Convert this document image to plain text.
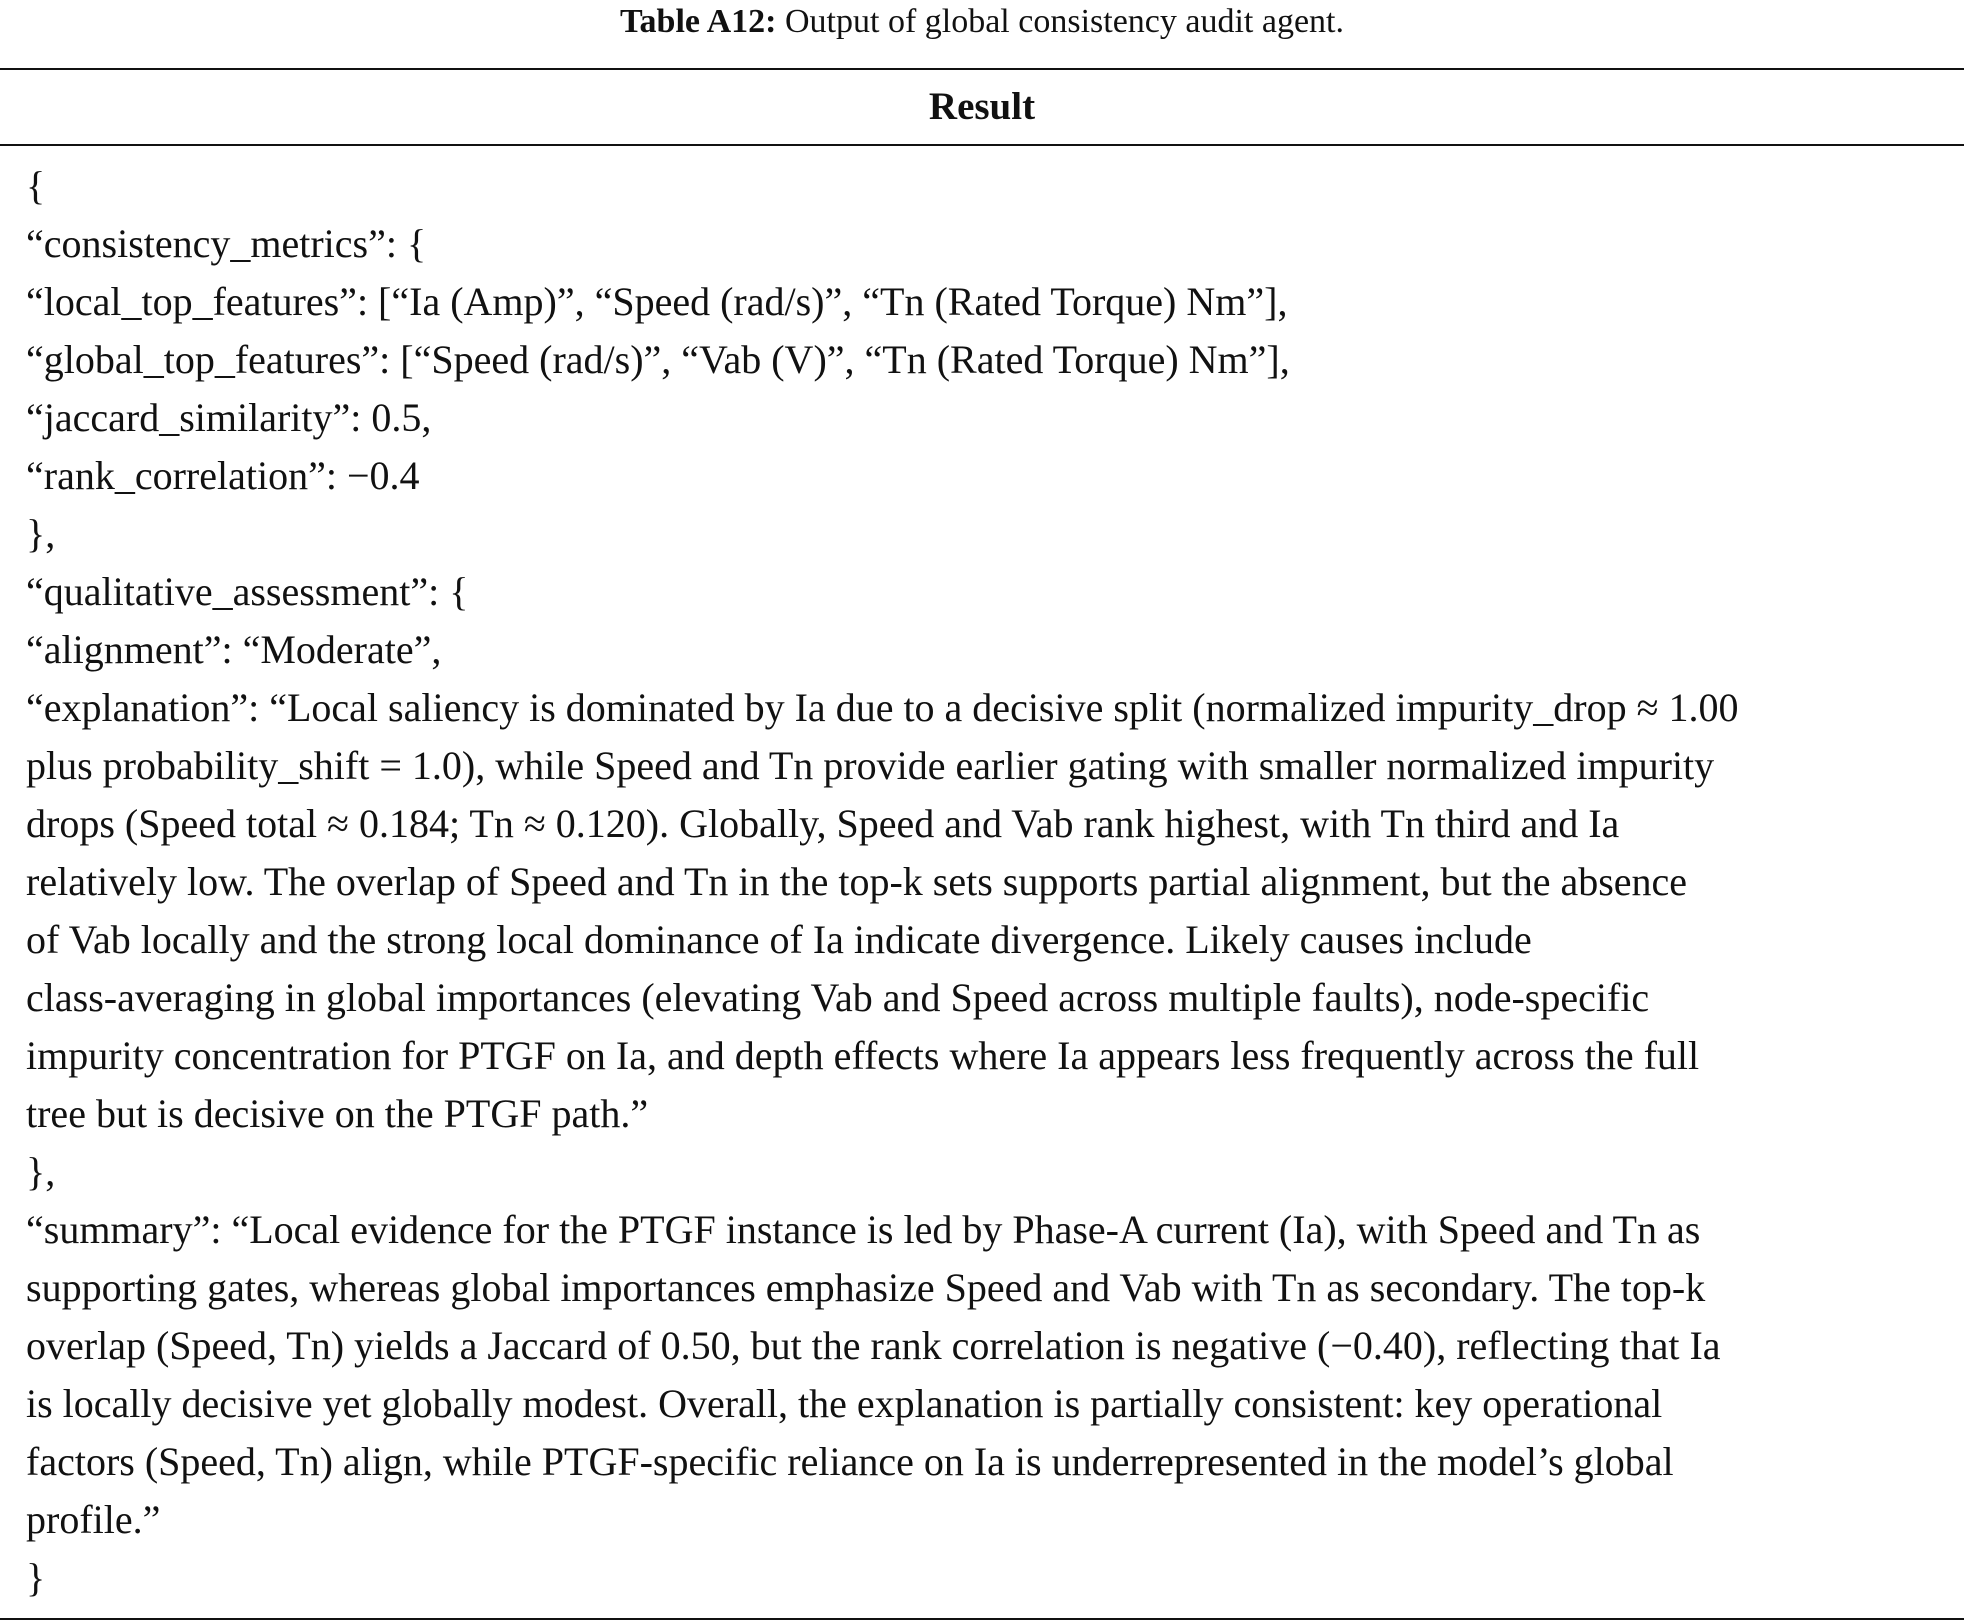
Table A12: Output of global consistency audit agent.
Result
{
“consistency_metrics”: {
“local_top_features”: [“Ia (Amp)”, “Speed (rad/s)”, “Tn (Rated Torque) Nm”],
“global_top_features”: [“Speed (rad/s)”, “Vab (V)”, “Tn (Rated Torque) Nm”],
“jaccard_similarity”: 0.5,
“rank_correlation”: −0.4
},
“qualitative_assessment”: {
“alignment”: “Moderate”,
“explanation”: “Local saliency is dominated by Ia due to a decisive split (normalized impurity_drop ≈ 1.00
plus probability_shift = 1.0), while Speed and Tn provide earlier gating with smaller normalized impurity
drops (Speed total ≈ 0.184; Tn ≈ 0.120). Globally, Speed and Vab rank highest, with Tn third and Ia
relatively low. The overlap of Speed and Tn in the top-k sets supports partial alignment, but the absence
of Vab locally and the strong local dominance of Ia indicate divergence. Likely causes include
class-averaging in global importances (elevating Vab and Speed across multiple faults), node-specific
impurity concentration for PTGF on Ia, and depth effects where Ia appears less frequently across the full
tree but is decisive on the PTGF path.”
},
“summary”: “Local evidence for the PTGF instance is led by Phase-A current (Ia), with Speed and Tn as
supporting gates, whereas global importances emphasize Speed and Vab with Tn as secondary. The top-k
overlap (Speed, Tn) yields a Jaccard of 0.50, but the rank correlation is negative (−0.40), reflecting that Ia
is locally decisive yet globally modest. Overall, the explanation is partially consistent: key operational
factors (Speed, Tn) align, while PTGF-specific reliance on Ia is underrepresented in the model’s global
profile.”
}
